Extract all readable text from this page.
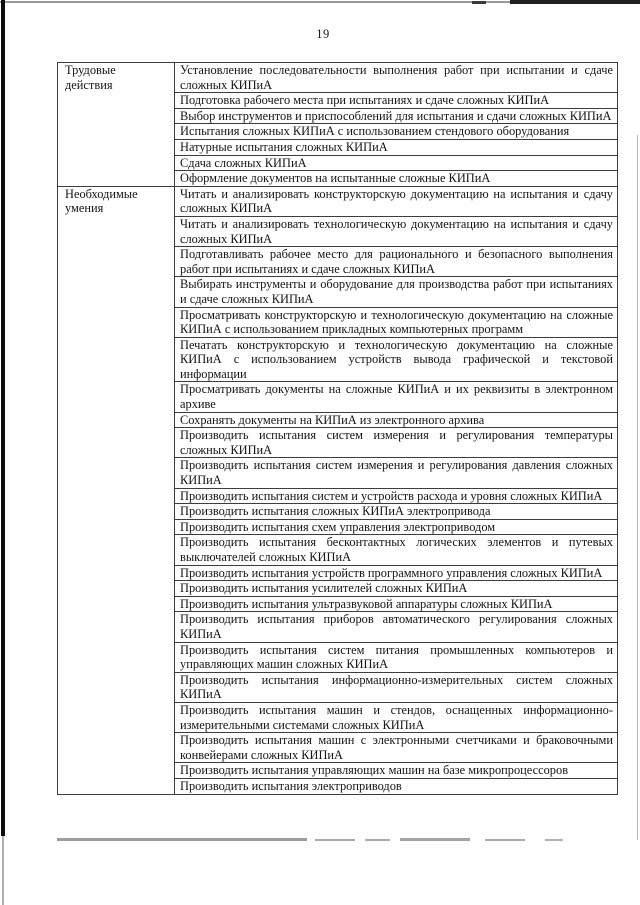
19
Трудовые действия	Установление последовательности выполнения работ при испытании и сдаче сложных КИПиА
	Подготовка рабочего места при испытаниях и сдаче сложных КИПиА
	Выбор инструментов и приспособлений для испытания и сдачи сложных КИПиА
	Испытания сложных КИПиА с использованием стендового оборудования
	Натурные испытания сложных КИПиА
	Сдача сложных КИПиА
	Оформление документов на испытанные сложные КИПиА
Необходимые умения	Читать и анализировать конструкторскую документацию на испытания и сдачу сложных КИПиА
	Читать и анализировать технологическую документацию на испытания и сдачу сложных КИПиА
	Подготавливать рабочее место для рационального и безопасного выполнения работ при испытаниях и сдаче сложных КИПиА
	Выбирать инструменты и оборудование для производства работ при испытаниях и сдаче сложных КИПиА
	Просматривать конструкторскую и технологическую документацию на сложные КИПиА с использованием прикладных компьютерных программ
	Печатать конструкторскую и технологическую документацию на сложные КИПиА с использованием устройств вывода графической и текстовой информации
	Просматривать документы на сложные КИПиА и их реквизиты в электронном архиве
	Сохранять документы на КИПиА из электронного архива
	Производить испытания систем измерения и регулирования температуры сложных КИПиА
	Производить испытания систем измерения и регулирования давления сложных КИПиА
	Производить испытания систем и устройств расхода и уровня сложных КИПиА
	Производить испытания сложных КИПиА электропривода
	Производить испытания схем управления электроприводом
	Производить испытания бесконтактных логических элементов и путевых выключателей сложных КИПиА
	Производить испытания устройств программного управления сложных КИПиА
	Производить испытания усилителей сложных КИПиА
	Производить испытания ультразвуковой аппаратуры сложных КИПиА
	Производить испытания приборов автоматического регулирования сложных КИПиА
	Производить испытания систем питания промышленных компьютеров и управляющих машин сложных КИПиА
	Производить испытания информационно-измерительных систем сложных КИПиА
	Производить испытания машин и стендов, оснащенных информационно-измерительными системами сложных КИПиА
	Производить испытания машин с электронными счетчиками и браковочными конвейерами сложных КИПиА
	Производить испытания управляющих машин на базе микропроцессоров
	Производить испытания электроприводов
